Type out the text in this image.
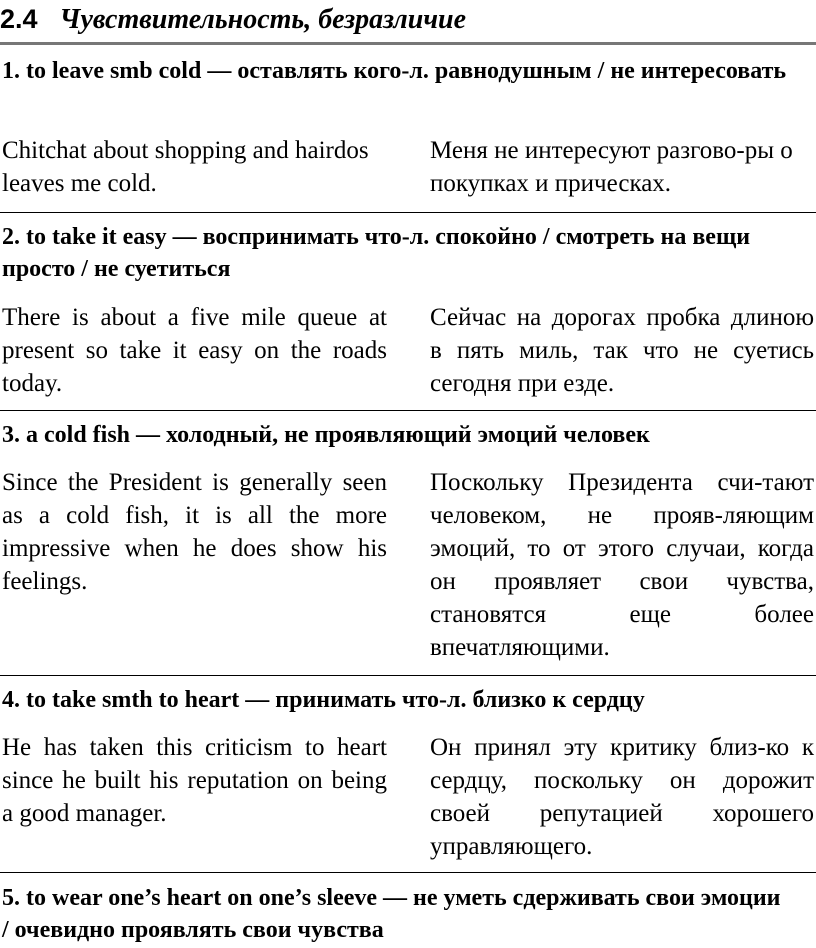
2.4 Чувствительность, безразличие
1. to leave smb cold — оставлять кого-л. равнодушным / не интересовать
Chitchat about shopping and hairdos leaves me cold.
Меня не интересуют разгово-ры о покупках и прическах.
2. to take it easy — воспринимать что-л. спокойно / смотреть на вещи просто / не суетиться
There is about a five mile queue at present so take it easy on the roads today.
Сейчас на дорогах пробка длиною в пять миль, так что не суетись сегодня при езде.
3. a cold fish — холодный, не проявляющий эмоций человек
Since the President is generally seen as a cold fish, it is all the more impressive when he does show his feelings.
Поскольку Президента счи-тают человеком, не прояв-ляющим эмоций, то от этого случаи, когда он проявляет свои чувства, становятся еще более впечатляющими.
4. to take smth to heart — принимать что-л. близко к сердцу
He has taken this criticism to heart since he built his reputation on being a good manager.
Он принял эту критику близ-ко к сердцу, поскольку он дорожит своей репутацией хорошего управляющего.
5. to wear one’s heart on one’s sleeve — не уметь сдерживать свои эмоции / очевидно проявлять свои чувства
